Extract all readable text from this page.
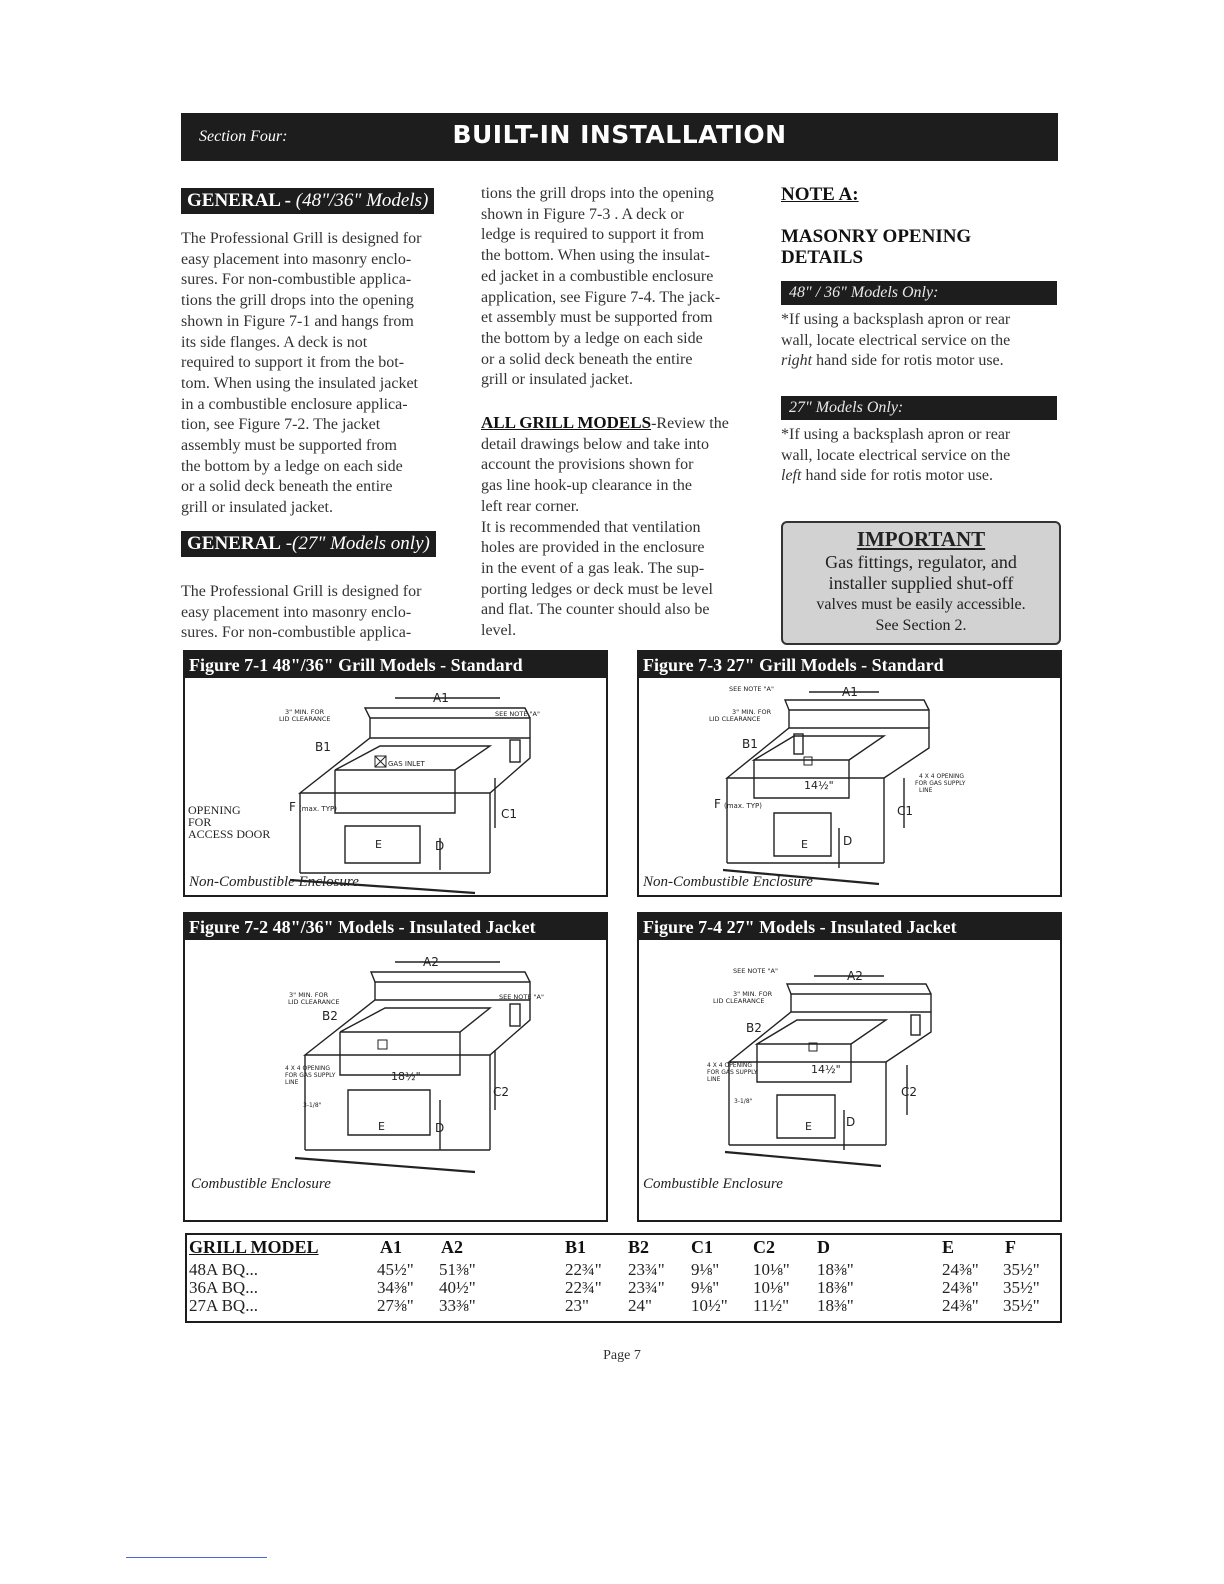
Section Four:	BUILT-IN INSTALLATION
GENERAL - (48"/36" Models)

The Professional Grill is designed for
easy placement into masonry enclo-
sures. For non-combustible applica-
tions the grill drops into the opening
shown in Figure 7-1 and hangs from
its side flanges. A deck is not
required to support it from the bot-
tom. When using the insulated jacket
in a combustible enclosure applica-
tion, see Figure 7-2. The jacket
assembly must be supported from
the bottom by a ledge on each side
or a solid deck beneath the entire
grill or insulated jacket.

GENERAL -(27" Models only)

The Professional Grill is designed for
easy placement into masonry enclo-
sures. For non-combustible applica-

tions the grill drops into the opening
shown in Figure 7-3 . A deck or
ledge is required to support it from
the bottom. When using the insulat-
ed jacket in a combustible enclosure
application, see Figure 7-4. The jack-
et assembly must be supported from
the bottom by a ledge on each side
or a solid deck beneath the entire
grill or insulated jacket.

ALL GRILL MODELS-Review the

detail drawings below and take into
account the provisions shown for
gas line hook-up clearance in the
left rear corner.
It is recommended that ventilation
holes are provided in the enclosure
in the event of a gas leak. The sup-
porting ledges or deck must be level
and flat. The counter should also be
level.

NOTE A:
MASONRY OPENING
DETAILS
48" / 36" Models Only:

*If using a backsplash apron or rear
wall, locate electrical service on the
right hand side for rotis motor use.

27" Models Only:

*If using a backsplash apron or rear
wall, locate electrical service on the
left hand side for rotis motor use.

IMPORTANT
Gas fittings, regulator, and
installer supplied shut-off
valves must be easily accessible.
See Section 2.
Figure 7-1 48"/36" Grill Models - Standard
A1
B1
C1
D
E
F (max. TYP)
3" MIN. FOR
LID CLEARANCE
SEE NOTE "A"
GAS INLET
OPENING
FOR
ACCESS DOOR
Non-Combustible Enclosure
Figure 7-3 27" Grill Models - Standard
A1
B1
C1
D
E
F (max. TYP)
3" MIN. FOR
LID CLEARANCE
SEE NOTE "A"
14½"
4 X 4 OPENING
FOR GAS SUPPLY
LINE
Non-Combustible Enclosure
Figure 7-2 48"/36" Models - Insulated Jacket
A2
B2
C2
D
E
3" MIN. FOR
LID CLEARANCE
SEE NOTE "A"
18½"
4 X 4 OPENING
FOR GAS SUPPLY
LINE
3-1/8"
Combustible Enclosure
Figure 7-4 27" Models - Insulated Jacket
A2
B2
C2
D
E
3" MIN. FOR
LID CLEARANCE
SEE NOTE "A"
14½"
4 X 4 OPENING
FOR GAS SUPPLY
LINE
3-1/8"
Combustible Enclosure
GRILL MODEL	A1 A2	B1 B2 C1 C2 D	E	F
48A BQ...	45½" 51⅜"	22¾" 23¾" 9⅛" 10⅛" 18⅜"	24⅜" 35½"
36A BQ...	34⅜" 40½"	22¾" 23¾" 9⅛" 10⅛" 18⅜"	24⅜" 35½"
27A BQ...	27⅜" 33⅜"	23" 24" 10½" 11½" 18⅜"	24⅜" 35½"
Page 7
